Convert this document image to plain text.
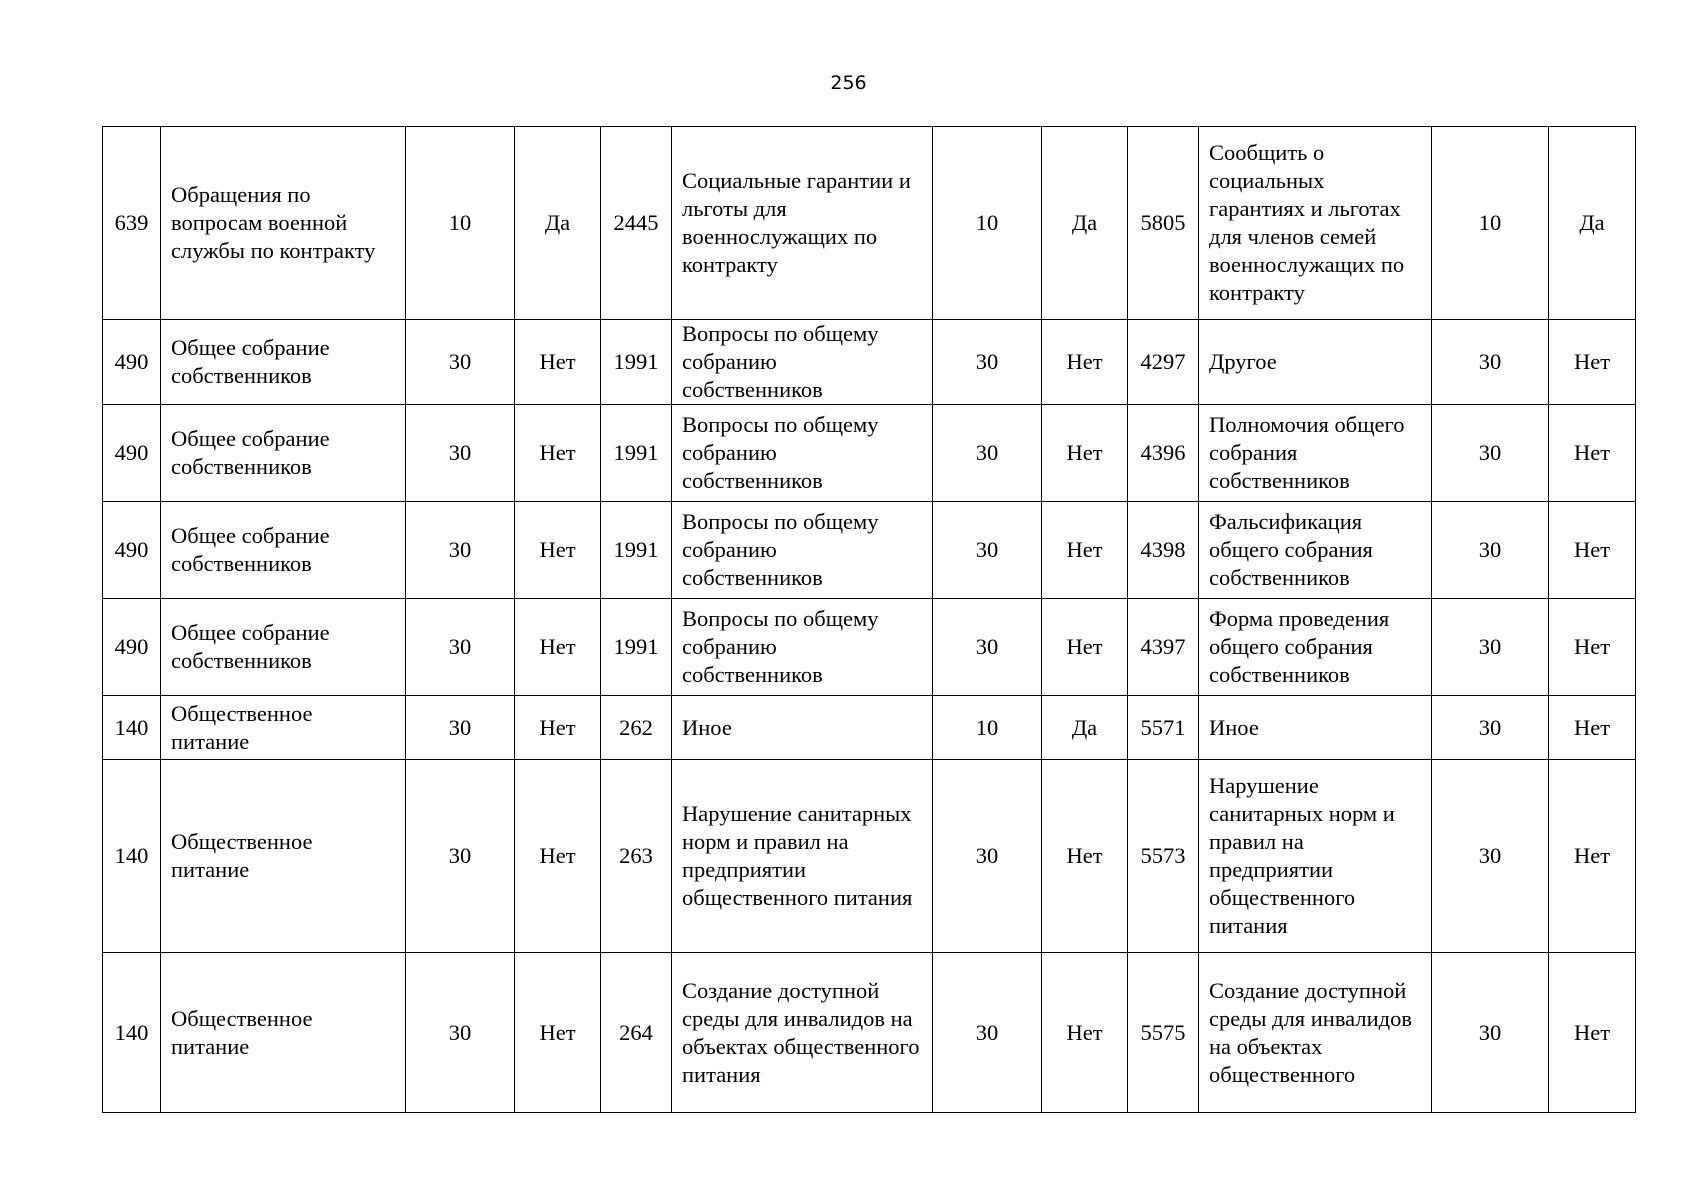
256
639	Обращения по вопросам военной службы по контракту	10	Да	2445	Социальные гарантии и льготы для военнослужащих по контракту	10	Да	5805	Сообщить о социальных гарантиях и льготах для членов семей военнослужащих по контракту	10	Да
490	Общее собрание собственников	30	Нет	1991	Вопросы по общему собранию собственников	30	Нет	4297	Другое	30	Нет
490	Общее собрание собственников	30	Нет	1991	Вопросы по общему собранию собственников	30	Нет	4396	Полномочия общего собрания собственников	30	Нет
490	Общее собрание собственников	30	Нет	1991	Вопросы по общему собранию собственников	30	Нет	4398	Фальсификация общего собрания собственников	30	Нет
490	Общее собрание собственников	30	Нет	1991	Вопросы по общему собранию собственников	30	Нет	4397	Форма проведения общего собрания собственников	30	Нет
140	Общественное питание	30	Нет	262	Иное	10	Да	5571	Иное	30	Нет
140	Общественное питание	30	Нет	263	Нарушение санитарных норм и правил на предприятии общественного питания	30	Нет	5573	Нарушение санитарных норм и правил на предприятии общественного питания	30	Нет
140	Общественное питание	30	Нет	264	Создание доступной среды для инвалидов на объектах общественного питания	30	Нет	5575	Создание доступной среды для инвалидов на объектах общественного	30	Нет
